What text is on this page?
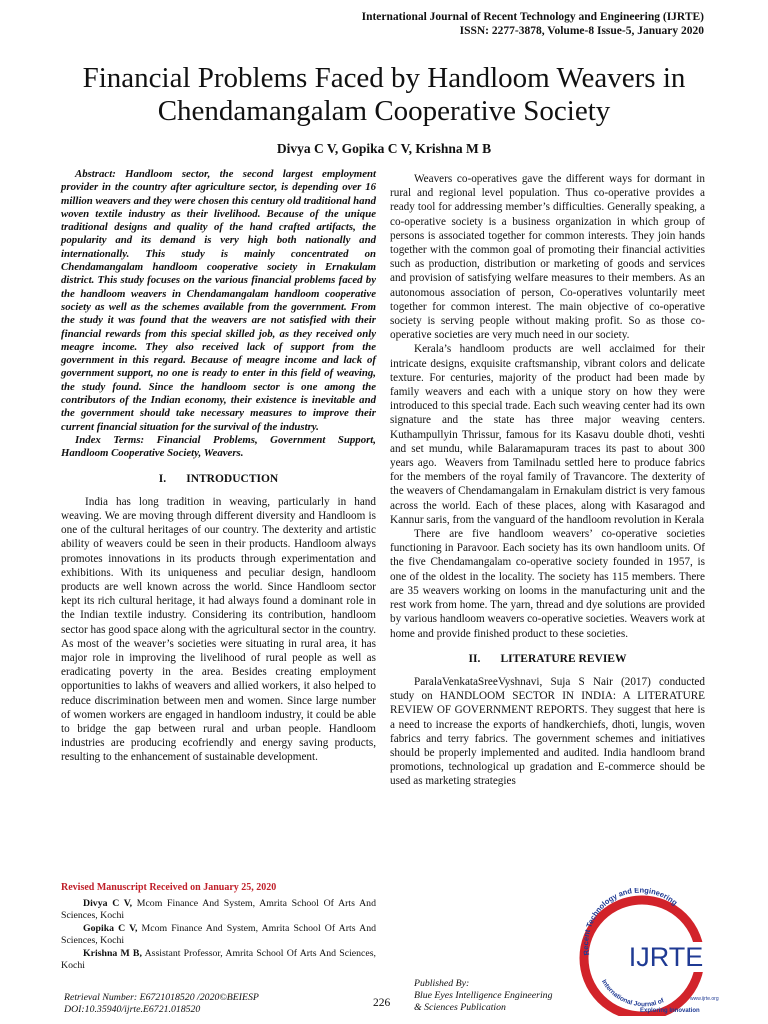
International Journal of Recent Technology and Engineering (IJRTE)
ISSN: 2277-3878, Volume-8 Issue-5, January 2020
Financial Problems Faced by Handloom Weavers in Chendamangalam Cooperative Society
Divya C V, Gopika C V, Krishna M B

Abstract: Handloom sector, the second largest employment provider in the country after agriculture sector, is depending over 16 million weavers and they were chosen this century old traditional hand woven textile industry as their livelihood. Because of the unique traditional designs and quality of the hand crafted artifacts, the popularity and its demand is very high both nationally and internationally. This study is mainly concentrated on Chendamangalam handloom cooperative society in Ernakulam district. This study focuses on the various financial problems faced by the handloom weavers in Chendamangalam handloom cooperative society as well as the schemes available from the government. From the study it was found that the weavers are not satisfied with their financial rewards from this special skilled job, as they received only meagre income. They also received lack of support from the government in this regard. Because of meagre income and lack of government support, no one is ready to enter in this field of weaving, the study found. Since the handloom sector is one among the contributors of the Indian economy, their existence is inevitable and the government should take necessary measures to improve their current financial situation for the survival of the industry.

Index Terms: Financial Problems, Government Support, Handloom Cooperative Society, Weavers.

I.       INTRODUCTION

India has long tradition in weaving, particularly in hand weaving. We are moving through different diversity and Handloom is one of the cultural heritages of our country. The dexterity and artistic ability of weavers could be seen in their products. Handloom always promotes innovations in its products through experimentation and exhibitions. With its uniqueness and peculiar design, handloom products are well known across the world. Since Handloom sector kept its rich cultural heritage, it had always found a dominant role in the Indian textile industry. Considering its contribution, handloom sector has good space along with the agricultural sector in the country. As most of the weaver’s societies were situating in rural area, it has major role in improving the livelihood of rural people as well as eradicating poverty in the area. Besides creating employment opportunities to lakhs of weavers and allied workers, it also helped to reduce discrimination between men and women. Since large number of women workers are engaged in handloom industry, it could be able to bridge the gap between rural and urban people. Handloom industries are producing ecofriendly and energy saving products, resulting to the enhancement of sustainable development.

Weavers co-operatives gave the different ways for dormant in rural and regional level population. Thus co-operative provides a ready tool for addressing member’s difficulties. Generally speaking, a co-operative society is a business organization in which group of persons is associated together for common interests. They join hands together with the common goal of promoting their financial activities such as production, distribution or marketing of goods and services and provision of satisfying welfare measures to their members. As an autonomous association of person, Co-operatives voluntarily meet together for common interest. The main objective of co-operative society is serving people without making profit. So as those co-operative societies are very much need in our society.

Kerala’s handloom products are well acclaimed for their intricate designs, exquisite craftsmanship, vibrant colors and delicate texture. For centuries, majority of the product had been made by family weavers and each with a unique story on how they were introduced to this special trade. Each such weaving center had its own signature and the state has three major weaving centers. Kuthampullyin Thrissur, famous for its Kasavu double dhoti, veshti and set mundu, while Balaramapuram traces its past to about 300 years ago.  Weavers from Tamilnadu settled here to produce fabrics for the members of the royal family of Travancore. The dexterity of the weavers of Chendamangalam in Ernakulam district is very famous across the world. Each of these places, along with Kasaragod and Kannur saris, from the vanguard of the handloom revolution in Kerala

There are five handloom weavers’ co-operative societies functioning in Paravoor. Each society has its own handloom units. Of the five Chendamangalam co-operative society founded in 1957, is one of the oldest in the locality. The society has 115 members. There are 35 weavers working on looms in the manufacturing unit and the rest work from home. The yarn, thread and dye solutions are provided by various handloom weavers co-operative societies. Weavers work at home and provide finished product to these societies.

II.       LITERATURE REVIEW

ParalaVenkataSreeVyshnavi, Suja S Nair (2017) conducted study on HANDLOOM SECTOR IN INDIA: A LITERATURE REVIEW OF GOVERNMENT REPORTS. They suggest that here is a need to increase the exports of handkerchiefs, dhoti, lungis, woven fabrics and terry fabrics. The government schemes and initiatives should be properly implemented and audited. India handloom brand promotions, technological up gradation and E-commerce should be used as marketing strategies

Revised Manuscript Received on January 25, 2020
Divya C V, Mcom Finance And System, Amrita School Of Arts And Sciences, Kochi
Gopika C V, Mcom Finance And System, Amrita School Of Arts And Sciences, Kochi
Krishna M B, Assistant Professor, Amrita School Of Arts And Sciences, Kochi
Retrieval Number: E6721018520 /2020©BEIESP
DOI:10.35940/ijrte.E6721.018520
226
Published By:
Blue Eyes Intelligence Engineering
& Sciences Publication
Recent Technology and Engineering
International Journal of
IJRTE
www.ijrte.org
Exploring Innovation
